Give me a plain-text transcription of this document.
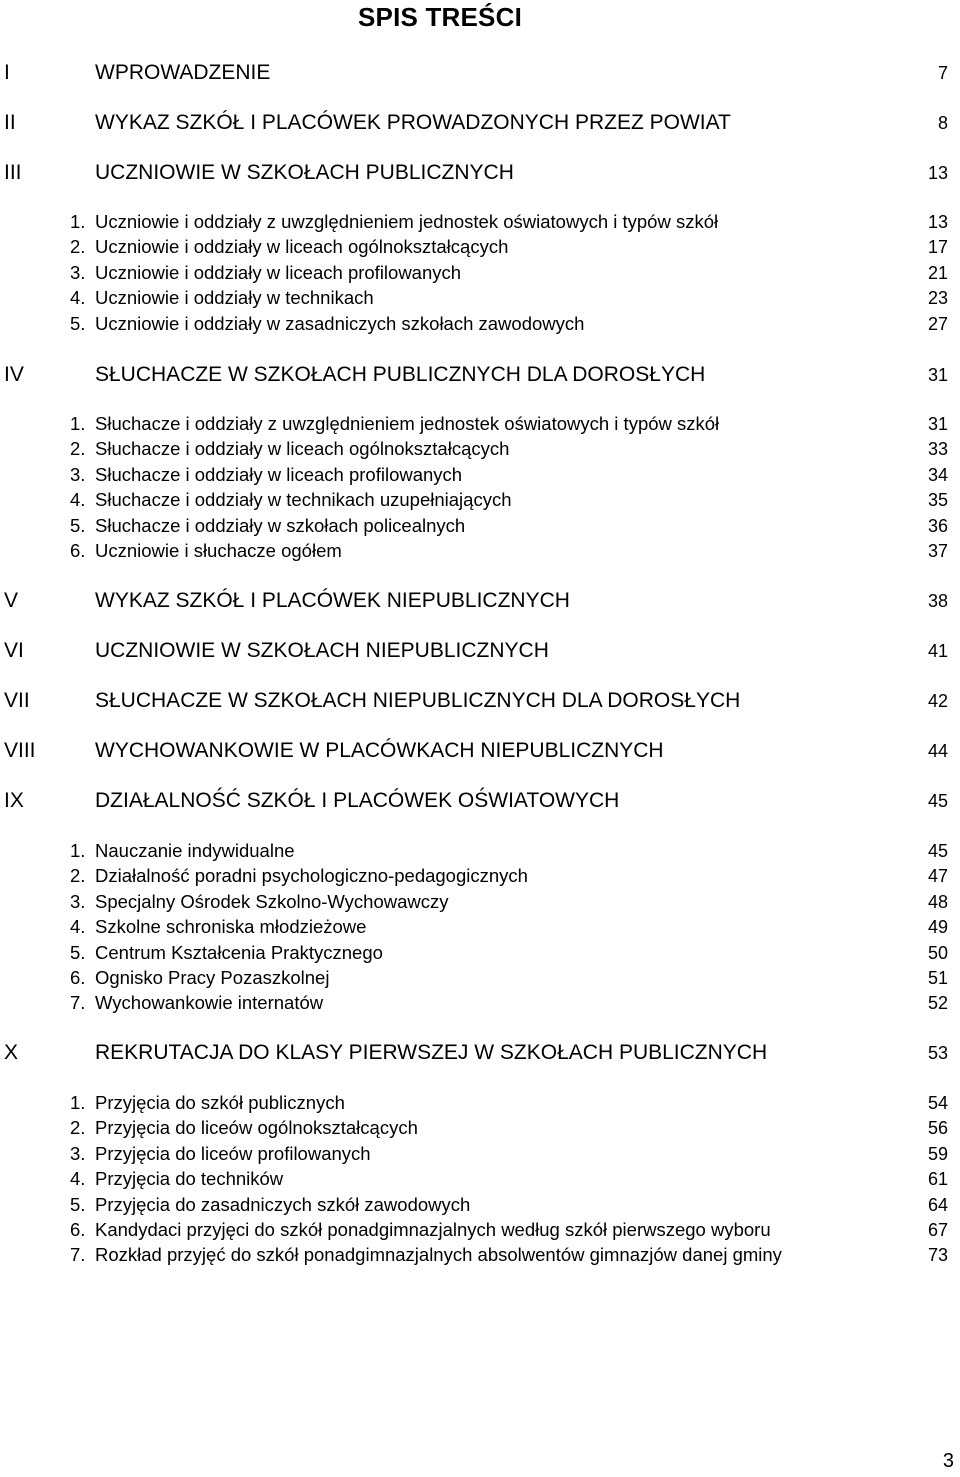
SPIS TREŚCI
I	WPROWADZENIE	7
II	WYKAZ SZKÓŁ I PLACÓWEK PROWADZONYCH PRZEZ POWIAT	8
III	UCZNIOWIE W SZKOŁACH PUBLICZNYCH	13
1. Uczniowie i oddziały z uwzględnieniem jednostek oświatowych i typów szkół	13
2. Uczniowie i oddziały w liceach ogólnokształcących	17
3. Uczniowie i oddziały w liceach profilowanych	21
4. Uczniowie i oddziały w technikach	23
5. Uczniowie i oddziały w zasadniczych szkołach zawodowych	27
IV	SŁUCHACZE W SZKOŁACH PUBLICZNYCH DLA DOROSŁYCH	31
1. Słuchacze i oddziały z uwzględnieniem jednostek oświatowych i typów szkół	31
2. Słuchacze i oddziały w liceach ogólnokształcących	33
3. Słuchacze i oddziały w liceach profilowanych	34
4. Słuchacze i oddziały w technikach uzupełniających	35
5. Słuchacze i oddziały w szkołach policealnych	36
6. Uczniowie i słuchacze ogółem	37
V	WYKAZ SZKÓŁ I PLACÓWEK NIEPUBLICZNYCH	38
VI	UCZNIOWIE W SZKOŁACH NIEPUBLICZNYCH	41
VII	SŁUCHACZE W SZKOŁACH NIEPUBLICZNYCH DLA DOROSŁYCH	42
VIII	WYCHOWANKOWIE W PLACÓWKACH NIEPUBLICZNYCH	44
IX	DZIAŁALNOŚĆ SZKÓŁ I PLACÓWEK OŚWIATOWYCH	45
1. Nauczanie indywidualne	45
2. Działalność poradni psychologiczno-pedagogicznych	47
3. Specjalny Ośrodek Szkolno-Wychowawczy	48
4. Szkolne schroniska młodzieżowe	49
5. Centrum Kształcenia Praktycznego	50
6. Ognisko Pracy Pozaszkolnej	51
7. Wychowankowie internatów	52
X	REKRUTACJA DO KLASY PIERWSZEJ W SZKOŁACH PUBLICZNYCH	53
1. Przyjęcia do szkół publicznych	54
2. Przyjęcia do liceów ogólnokształcących	56
3. Przyjęcia do liceów profilowanych	59
4. Przyjęcia do techników	61
5. Przyjęcia do zasadniczych szkół zawodowych	64
6. Kandydaci przyjęci do szkół ponadgimnazjalnych według szkół pierwszego wyboru	67
7. Rozkład przyjęć do szkół ponadgimnazjalnych absolwentów gimnazjów danej gminy	73
3
